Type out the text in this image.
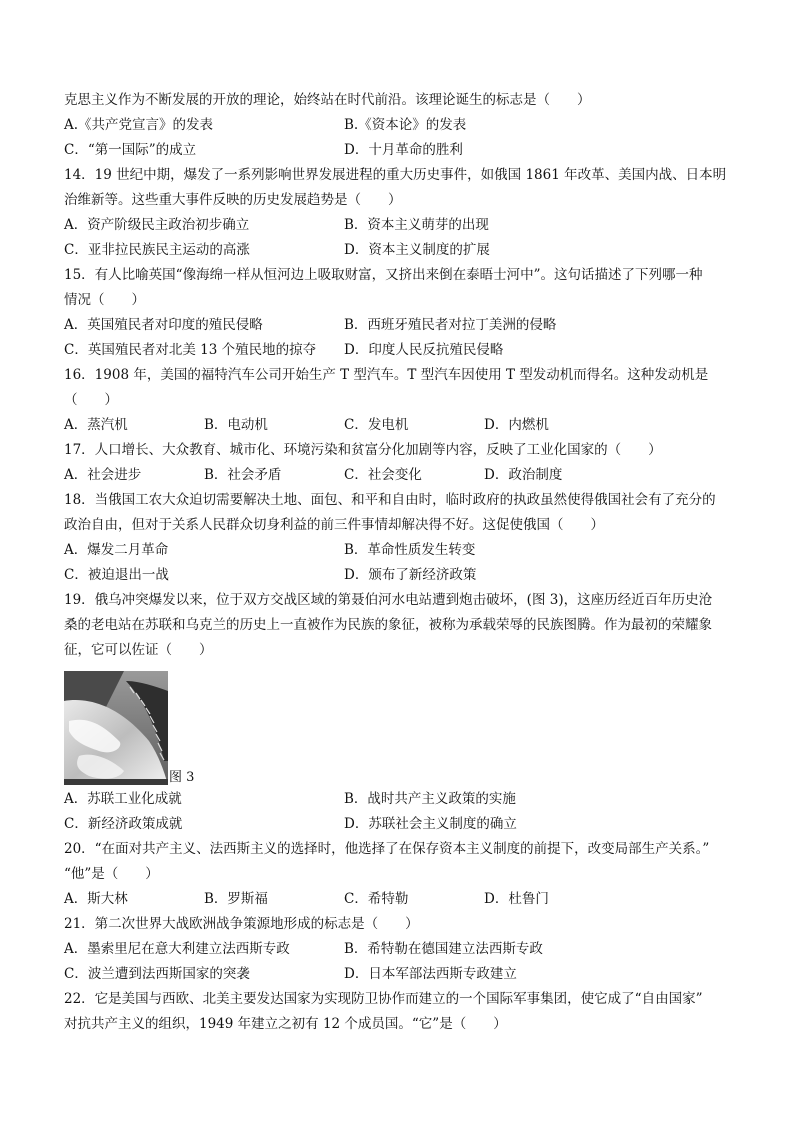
克思主义作为不断发展的开放的理论，始终站在时代前沿。该理论诞生的标志是（　　）
A.《共产党宣言》的发表	B.《资本论》的发表
C．“第一国际”的成立	D．十月革命的胜利
14．19 世纪中期，爆发了一系列影响世界发展进程的重大历史事件，如俄国 1861 年改革、美国内战、日本明
治维新等。这些重大事件反映的历史发展趋势是（　　）
A．资产阶级民主政治初步确立	B．资本主义萌芽的出现
C．亚非拉民族民主运动的高涨	D．资本主义制度的扩展
15．有人比喻英国“像海绵一样从恒河边上吸取财富，又挤出来倒在泰晤士河中”。这句话描述了下列哪一种
情况（　　）
A．英国殖民者对印度的殖民侵略	B．西班牙殖民者对拉丁美洲的侵略
C．英国殖民者对北美 13 个殖民地的掠夺	D．印度人民反抗殖民侵略
16．1908 年，美国的福特汽车公司开始生产 T 型汽车。T 型汽车因使用 T 型发动机而得名。这种发动机是
（　　）
A．蒸汽机	B．电动机	C．发电机	D．内燃机
17．人口增长、大众教育、城市化、环境污染和贫富分化加剧等内容，反映了工业化国家的（　　）
A．社会进步	B．社会矛盾	C．社会变化	D．政治制度
18．当俄国工农大众迫切需要解决土地、面包、和平和自由时，临时政府的执政虽然使得俄国社会有了充分的
政治自由，但对于关系人民群众切身利益的前三件事情却解决得不好。这促使俄国（　　）
A．爆发二月革命	B．革命性质发生转变
C．被迫退出一战	D．颁布了新经济政策
19．俄乌冲突爆发以来，位于双方交战区域的第聂伯河水电站遭到炮击破坏，(图 3)，这座历经近百年历史沧
桑的老电站在苏联和乌克兰的历史上一直被作为民族的象征，被称为承载荣辱的民族图腾。作为最初的荣耀象
征，它可以佐证（　　）
图 3
A．苏联工业化成就	B．战时共产主义政策的实施
C．新经济政策成就	D．苏联社会主义制度的确立
20．“在面对共产主义、法西斯主义的选择时，他选择了在保存资本主义制度的前提下，改变局部生产关系。”
“他”是（　　）
A．斯大林	B．罗斯福	C．希特勒	D．杜鲁门
21．第二次世界大战欧洲战争策源地形成的标志是（　　）
A．墨索里尼在意大利建立法西斯专政	B．希特勒在德国建立法西斯专政
C．波兰遭到法西斯国家的突袭	D．日本军部法西斯专政建立
22．它是美国与西欧、北美主要发达国家为实现防卫协作而建立的一个国际军事集团，使它成了“自由国家”
对抗共产主义的组织，1949 年建立之初有 12 个成员国。“它”是（　　）
